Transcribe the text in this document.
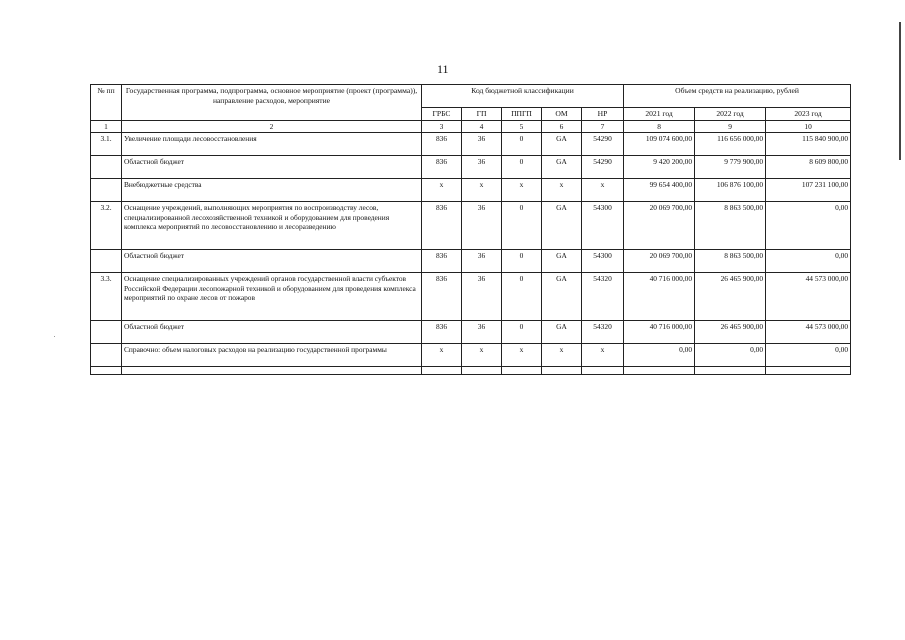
11
№ пп	Государственная программа, подпрограмма, основное мероприятие (проект (программа)), направление расходов, мероприятие	Код бюджетной классификации					Объем средств на реализацию, рублей		
		ГРБС	ГП	ППГП	ОМ	НР	2021 год	2022 год	2023 год
1	2	3	4	5	6	7	8	9	10
3.1.	Увеличение площади лесовосстановления	836	36	0	GA	54290	109 074 600,00	116 656 000,00	115 840 900,00
	Областной бюджет	836	36	0	GA	54290	9 420 200,00	9 779 900,00	8 609 800,00
	Внебюджетные средства	x	x	x	x	x	99 654 400,00	106 876 100,00	107 231 100,00
3.2.	Оснащение учреждений, выполняющих мероприятия по воспроизводству лесов, специализированной лесохозяйственной техникой и оборудованием для проведения комплекса мероприятий по лесовосстановлению и лесоразведению	836	36	0	GA	54300	20 069 700,00	8 863 500,00	0,00
	Областной бюджет	836	36	0	GA	54300	20 069 700,00	8 863 500,00	0,00
3.3.	Оснащение специализированных учреждений органов государственной власти субъектов Российской Федерации лесопожарной техникой и оборудованием для проведения комплекса мероприятий по охране лесов от пожаров	836	36	0	GA	54320	40 716 000,00	26 465 900,00	44 573 000,00
	Областной бюджет	836	36	0	GA	54320	40 716 000,00	26 465 900,00	44 573 000,00
	Справочно: объем налоговых расходов на реализацию государственной программы	x	x	x	x	x	0,00	0,00	0,00
